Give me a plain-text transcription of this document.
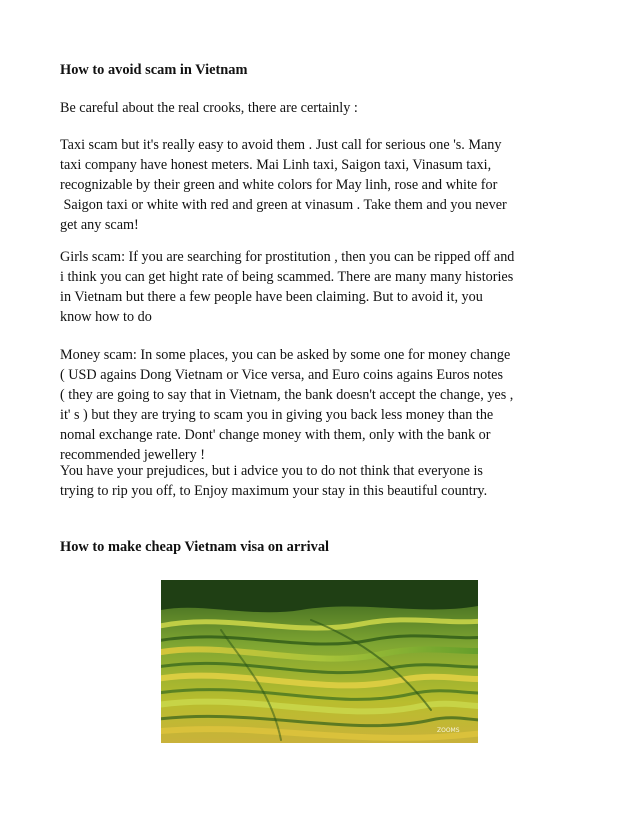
How to avoid scam in Vietnam
Be careful about the real crooks, there are certainly :
Taxi scam but it's really easy to avoid them . Just call for serious one 's. Many
taxi company have honest meters. Mai Linh taxi, Saigon taxi, Vinasum taxi,
recognizable by their green and white colors for May linh, rose and white for
Saigon taxi or white with red and green at vinasum . Take them and you never
get any scam!
Girls scam: If you are searching for prostitution , then you can be ripped off and
i think you can get hight rate of being scammed. There are many many histories
in Vietnam but there a few people have been claiming. But to avoid it, you
know how to do
Money scam: In some places, you can be asked by some one for money change
( USD agains Dong Vietnam or Vice versa, and Euro coins agains Euros notes
( they are going to say that in Vietnam, the bank doesn't accept the change, yes ,
it' s ) but they are trying to scam you in giving you back less money than the
nomal exchange rate. Dont' change money with them, only with the bank or
recommended jewellery !
You have your prejudices, but i advice you to do not think that everyone is
trying to rip you off, to Enjoy maximum your stay in this beautiful country.
How to make cheap Vietnam visa on arrival
ZOOMS
